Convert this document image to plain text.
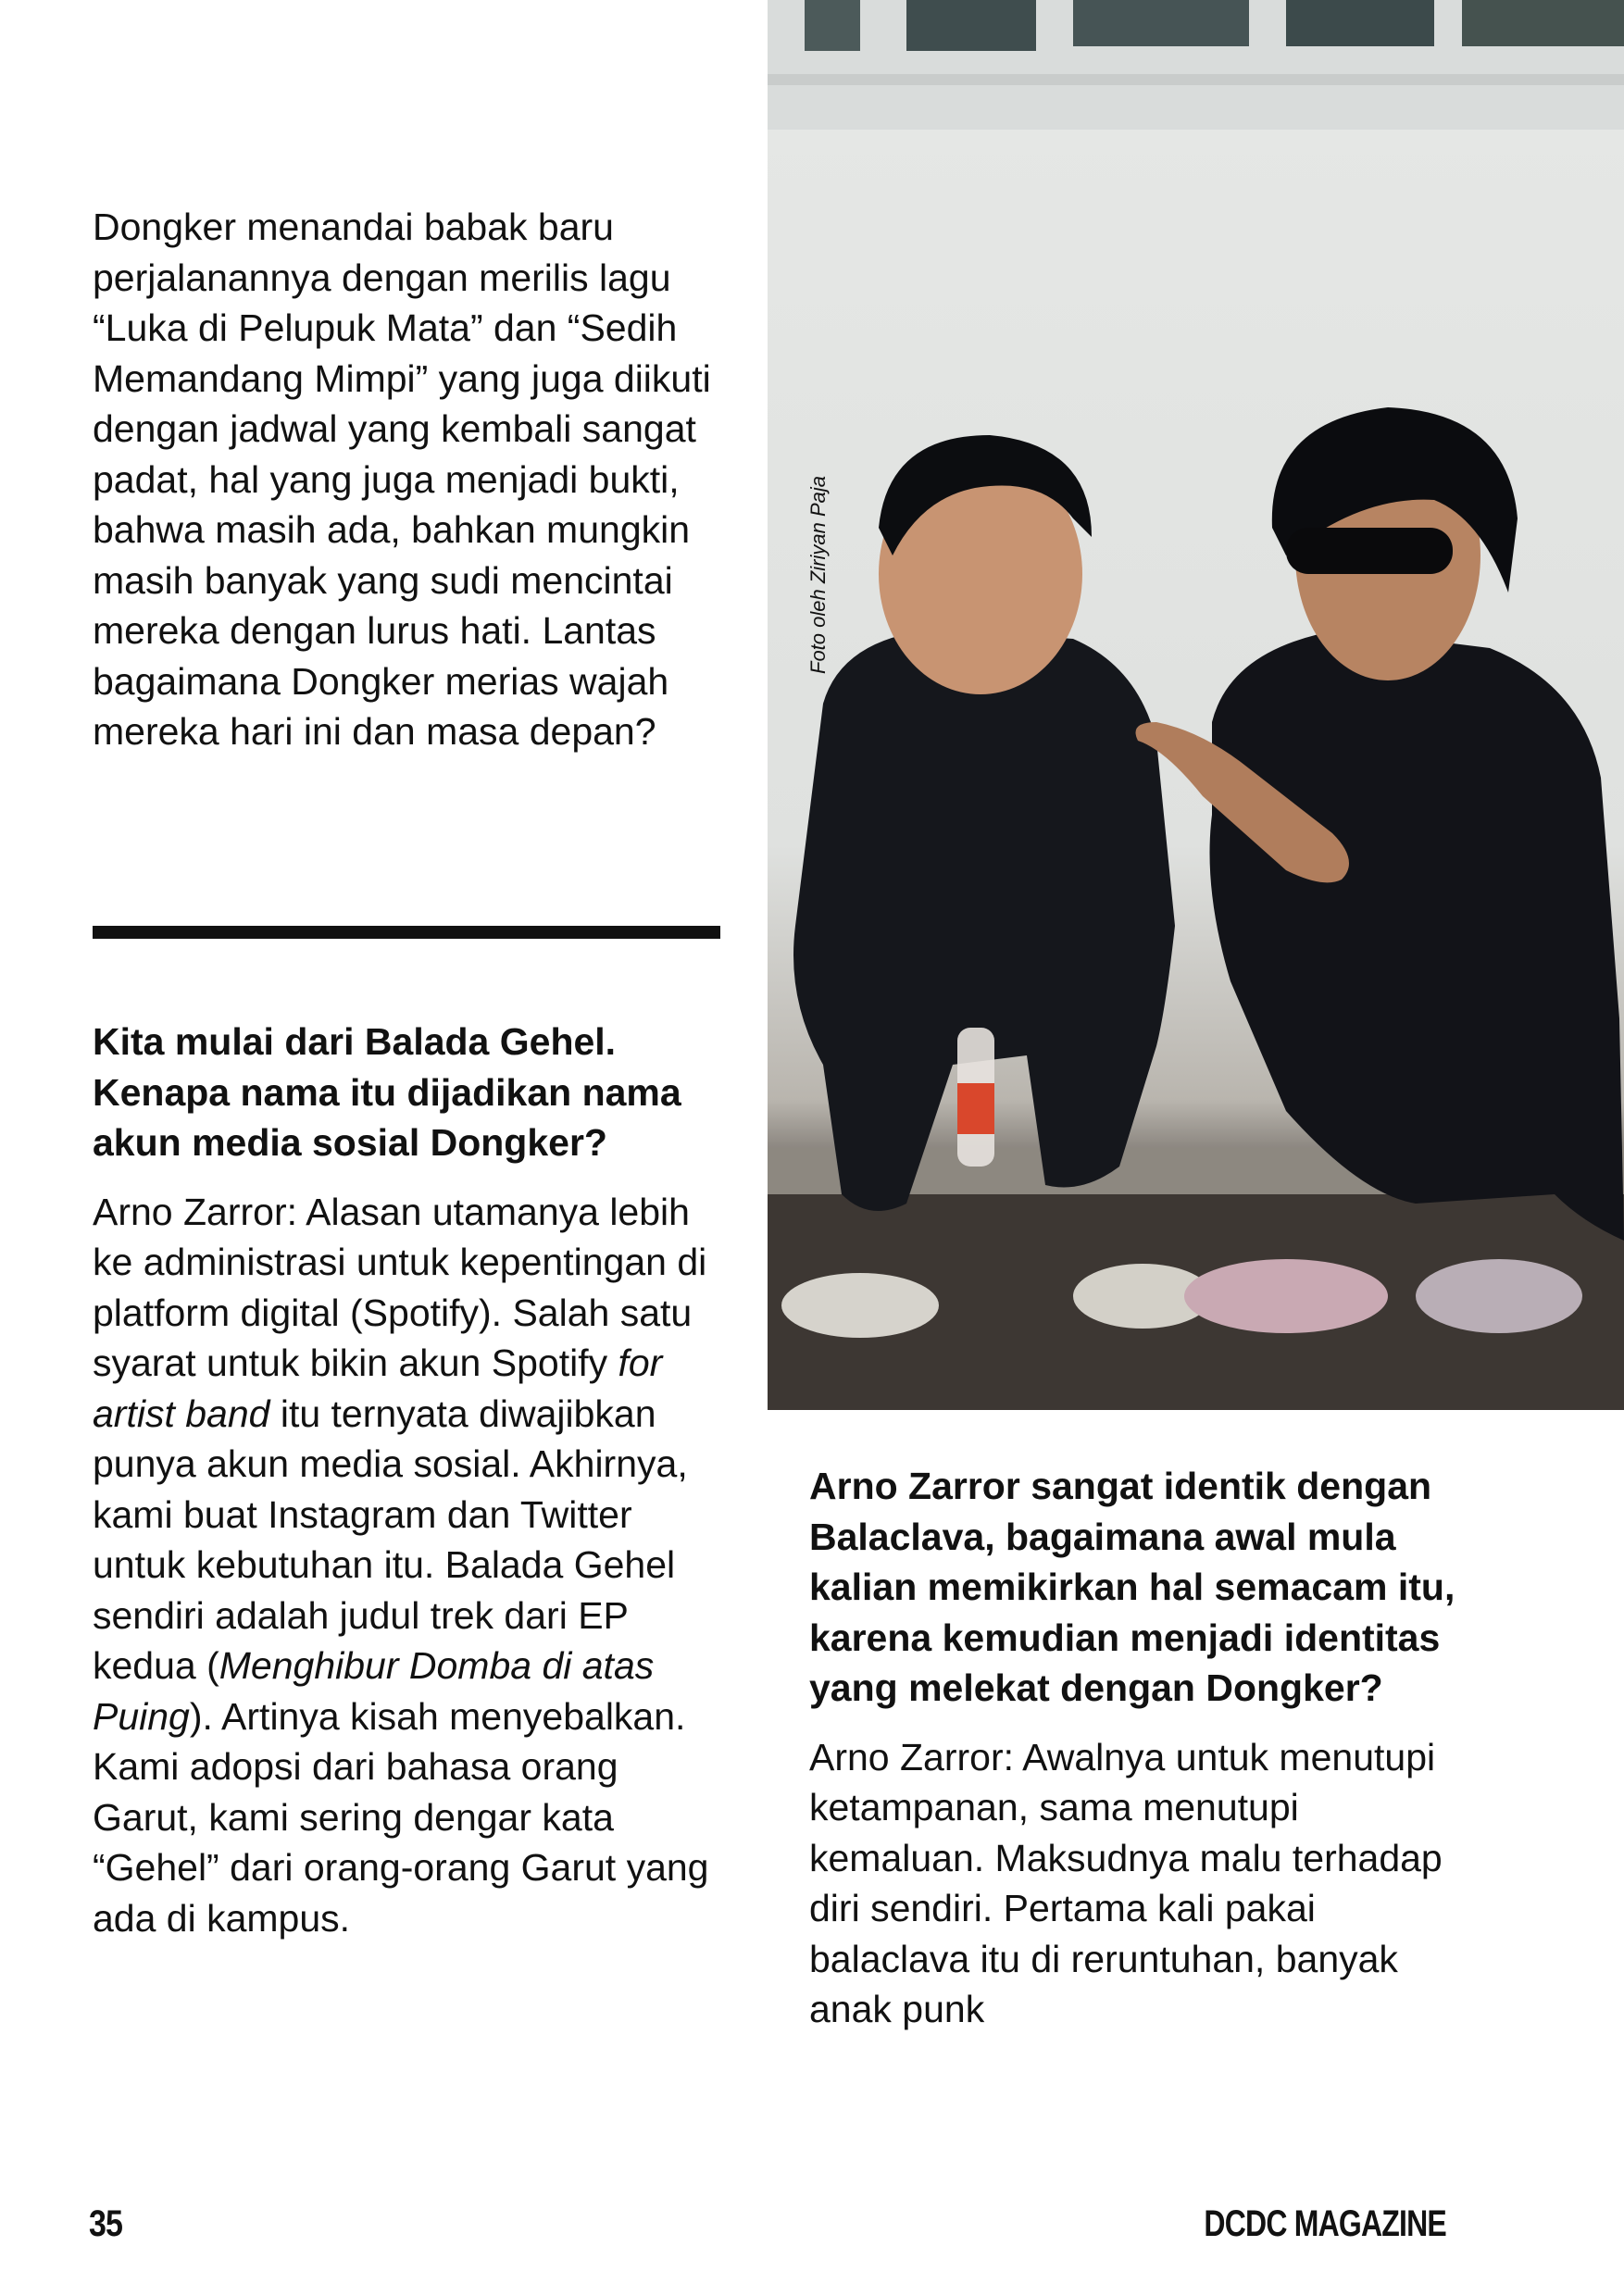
Dongker menandai babak baru perjalanannya dengan merilis lagu “Luka di Pelupuk Mata” dan “Sedih Memandang Mimpi” yang juga diikuti dengan jadwal yang kembali sangat padat, hal yang juga menjadi bukti, bahwa masih ada, bahkan mungkin masih banyak yang sudi mencintai mereka dengan lurus hati. Lantas bagaimana Dongker merias wajah mereka hari ini dan masa depan?

Kita mulai dari Balada Gehel. Kenapa nama itu dijadikan nama akun media sosial Dongker?

Arno Zarror: Alasan utamanya lebih ke administrasi untuk kepentingan di platform digital (Spotify). Salah satu syarat untuk bikin akun Spotify for artist band itu ternyata diwajibkan punya akun media sosial. Akhirnya, kami buat Instagram dan Twitter untuk kebutuhan itu. Balada Gehel sendiri adalah judul trek dari EP kedua (Menghibur Domba di atas Puing). Artinya kisah menyebalkan. Kami adopsi dari bahasa orang Garut, kami sering dengar kata “Gehel” dari orang-orang Garut yang ada di kampus.

Foto oleh Ziriyan Paja

Arno Zarror sangat identik dengan Balaclava, bagaimana awal mula kalian memikirkan hal semacam itu, karena kemudian menjadi identitas yang melekat dengan Dongker?

Arno Zarror: Awalnya untuk menutupi ketampanan, sama menutupi kemaluan. Maksudnya malu terhadap diri sendiri. Pertama kali pakai balaclava itu di reruntuhan, banyak anak punk

35	DCDC MAGAZINE
